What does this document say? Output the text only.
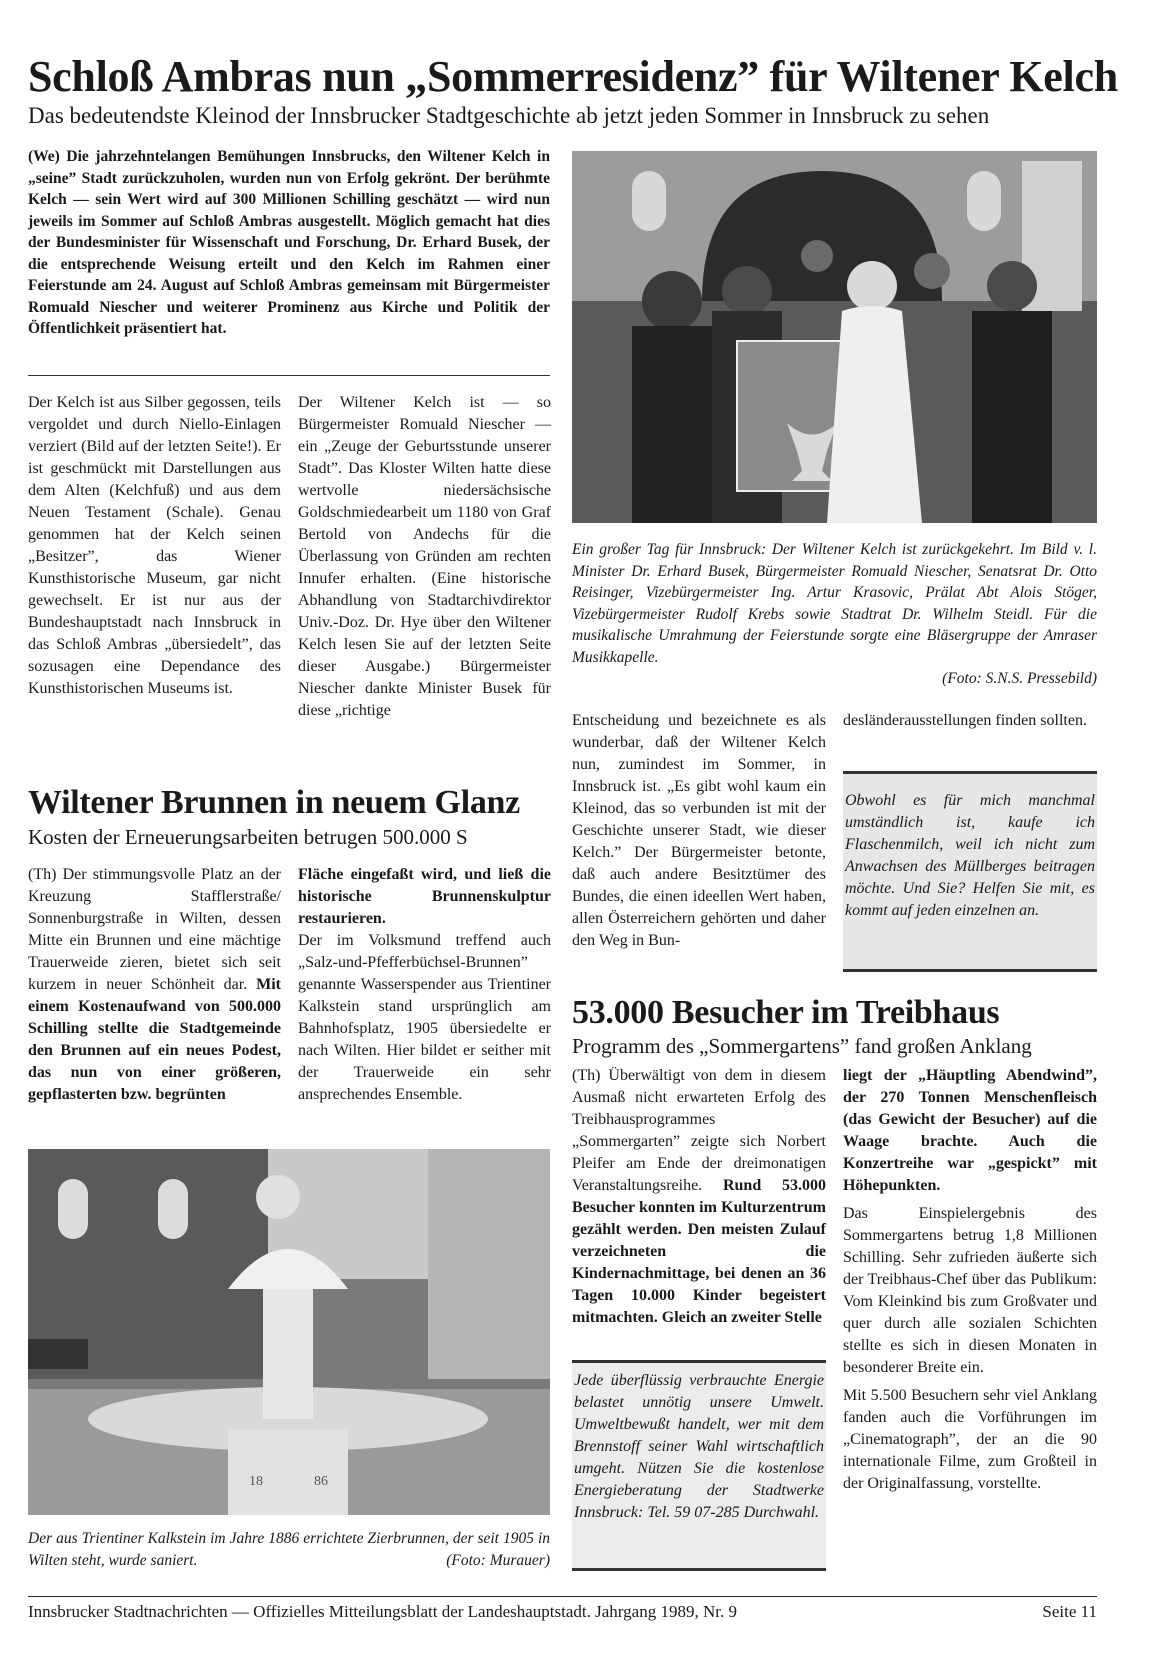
Schloß Ambras nun „Sommerresidenz” für Wiltener Kelch
Das bedeutendste Kleinod der Innsbrucker Stadtgeschichte ab jetzt jeden Sommer in Innsbruck zu sehen

(We) Die jahrzehntelangen Bemühungen Innsbrucks, den Wiltener Kelch in „seine” Stadt zurückzuholen, wurden nun von Erfolg gekrönt. Der berühmte Kelch — sein Wert wird auf 300 Millionen Schilling geschätzt — wird nun jeweils im Sommer auf Schloß Ambras ausgestellt. Möglich gemacht hat dies der Bundesminister für Wissenschaft und Forschung, Dr. Erhard Busek, der die entsprechende Weisung erteilt und den Kelch im Rahmen einer Feierstunde am 24. August auf Schloß Ambras gemeinsam mit Bürgermeister Romuald Niescher und weiterer Prominenz aus Kirche und Politik der Öffentlichkeit präsentiert hat.

Der Kelch ist aus Silber gegossen, teils vergoldet und durch Niello-Einlagen verziert (Bild auf der letzten Seite!). Er ist geschmückt mit Darstellungen aus dem Alten (Kelchfuß) und aus dem Neuen Testament (Schale). Genau genommen hat der Kelch seinen „Besitzer”, das Wiener Kunsthistorische Museum, gar nicht gewechselt. Er ist nur aus der Bundeshauptstadt nach Innsbruck in das Schloß Ambras „übersiedelt”, das sozusagen eine Dependance des Kunsthistorischen Museums ist.

Der Wiltener Kelch ist — so Bürgermeister Romuald Niescher — ein „Zeuge der Geburtsstunde unserer Stadt”. Das Kloster Wilten hatte diese wertvolle niedersächsische Goldschmiedearbeit um 1180 von Graf Bertold von Andechs für die Überlassung von Gründen am rechten Innufer erhalten. (Eine historische Abhandlung von Stadtarchivdirektor Univ.-Doz. Dr. Hye über den Wiltener Kelch lesen Sie auf der letzten Seite dieser Ausgabe.) Bürgermeister Niescher dankte Minister Busek für diese „richtige

Ein großer Tag für Innsbruck: Der Wiltener Kelch ist zurückgekehrt. Im Bild v. l. Minister Dr. Erhard Busek, Bürgermeister Romuald Niescher, Senatsrat Dr. Otto Reisinger, Vizebürgermeister Ing. Artur Krasovic, Prälat Abt Alois Stöger, Vizebürgermeister Rudolf Krebs sowie Stadtrat Dr. Wilhelm Steidl. Für die musikalische Umrahmung der Feierstunde sorgte eine Bläsergruppe der Amraser Musikkapelle.
(Foto: S.N.S. Pressebild)

Entscheidung und bezeichnete es als wunderbar, daß der Wiltener Kelch nun, zumindest im Sommer, in Innsbruck ist. „Es gibt wohl kaum ein Kleinod, das so verbunden ist mit der Geschichte unserer Stadt, wie dieser Kelch.” Der Bürgermeister betonte, daß auch andere Besitztümer des Bundes, die einen ideellen Wert haben, allen Österreichern gehörten und daher den Weg in Bun-

desländerausstellungen finden sollten.

Obwohl es für mich manchmal umständlich ist, kaufe ich Flaschenmilch, weil ich nicht zum Anwachsen des Müllberges beitragen möchte. Und Sie? Helfen Sie mit, es kommt auf jeden einzelnen an.
Wiltener Brunnen in neuem Glanz
Kosten der Erneuerungsarbeiten betrugen 500.000 S

(Th) Der stimmungsvolle Platz an der Kreuzung Stafflerstraße/ Sonnenburgstraße in Wilten, dessen Mitte ein Brunnen und eine mächtige Trauerweide zieren, bietet sich seit kurzem in neuer Schönheit dar. Mit einem Kostenaufwand von 500.000 Schilling stellte die Stadtgemeinde den Brunnen auf ein neues Podest, das nun von einer größeren, gepflasterten bzw. begrünten

Fläche eingefaßt wird, und ließ die historische Brunnenskulptur restaurieren.
Der im Volksmund treffend auch „Salz-und-Pfefferbüchsel-Brunnen” genannte Wasserspender aus Trientiner Kalkstein stand ursprünglich am Bahnhofsplatz, 1905 übersiedelte er nach Wilten. Hier bildet er seither mit der Trauerweide ein sehr ansprechendes Ensemble.

18	86

Der aus Trientiner Kalkstein im Jahre 1886 errichtete Zierbrunnen, der seit 1905 in Wilten steht, wurde saniert.	(Foto: Murauer)

53.000 Besucher im Treibhaus
Programm des „Sommergartens” fand großen Anklang

(Th) Überwältigt von dem in diesem Ausmaß nicht erwarteten Erfolg des Treibhausprogrammes „Sommergarten” zeigte sich Norbert Pleifer am Ende der dreimonatigen Veranstaltungsreihe. Rund 53.000 Besucher konnten im Kulturzentrum gezählt werden. Den meisten Zulauf verzeichneten die Kindernachmittage, bei denen an 36 Tagen 10.000 Kinder begeistert mitmachten. Gleich an zweiter Stelle

liegt der „Häuptling Abendwind”, der 270 Tonnen Menschenfleisch (das Gewicht der Besucher) auf die Waage brachte. Auch die Konzertreihe war „gespickt” mit Höhepunkten.

Das Einspielergebnis des Sommergartens betrug 1,8 Millionen Schilling. Sehr zufrieden äußerte sich der Treibhaus-Chef über das Publikum: Vom Kleinkind bis zum Großvater und quer durch alle sozialen Schichten stellte es sich in diesen Monaten in besonderer Breite ein.

Mit 5.500 Besuchern sehr viel Anklang fanden auch die Vorführungen im „Cinematograph”, der an die 90 internationale Filme, zum Großteil in der Originalfassung, vorstellte.

Jede überflüssig verbrauchte Energie belastet unnötig unsere Umwelt. Umweltbewußt handelt, wer mit dem Brennstoff seiner Wahl wirtschaftlich umgeht. Nützen Sie die kostenlose Energieberatung der Stadtwerke Innsbruck: Tel. 59 07-285 Durchwahl.
Innsbrucker Stadtnachrichten — Offizielles Mitteilungsblatt der Landeshauptstadt. Jahrgang 1989, Nr. 9	Seite 11
